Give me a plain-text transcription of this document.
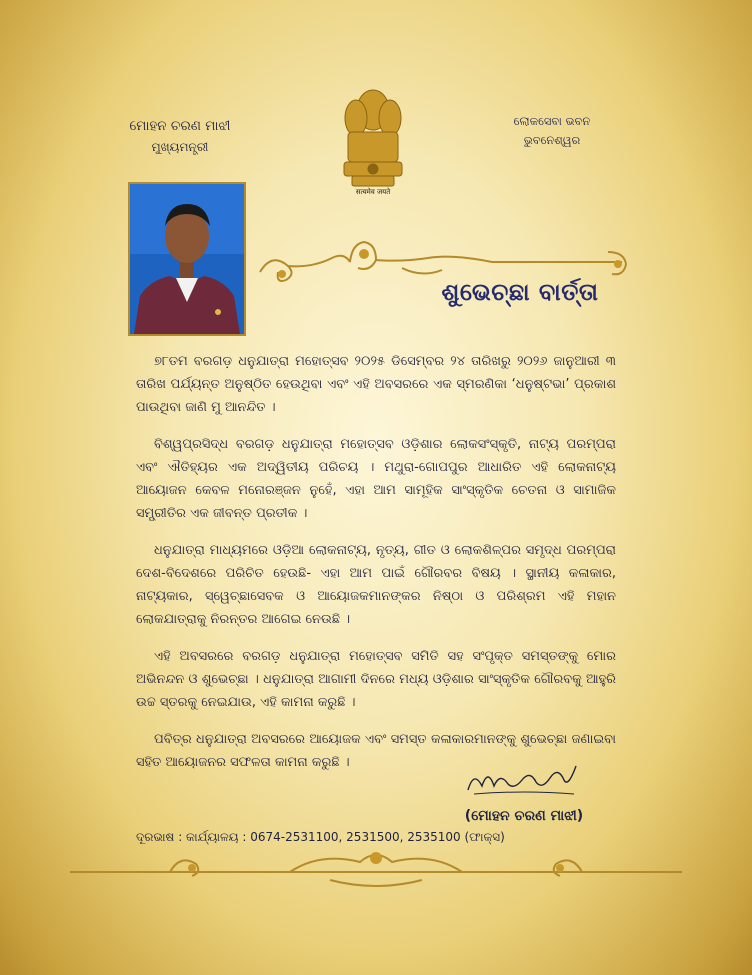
सत्यमेव जयते
ମୋହନ ଚରଣ ମାଝୀ
ମୁଖ୍ୟମନ୍ତ୍ରୀ
ଲୋକସେବା ଭବନ
ଭୁବନେଶ୍ୱର
ଶୁଭେଚ୍ଛା ବାର୍ତ୍ତା

୭୮ତମ ବରଗଡ଼ ଧନୁଯାତ୍ରା ମହୋତ୍ସବ ୨୦୨୫ ଡିସେମ୍ବର ୨୪ ତାରିଖରୁ ୨୦୨୬ ଜାନୁଆରୀ ୩ ତାରିଖ ପର୍ଯ୍ୟନ୍ତ ଅନୁଷ୍ଠିତ ହେଉଥିବା ଏବଂ ଏହି ଅବସରରେ ଏକ ସ୍ମରଣିକା ‘ଧନୁଷ୍ଟଭା’ ପ୍ରକାଶ ପାଉଥିବା ଜାଣି ମୁ ଆନନ୍ଦିତ ।

ବିଶ୍ୱପ୍ରସିଦ୍ଧ ବରଗଡ଼ ଧନୁଯାତ୍ରା ମହୋତ୍ସବ ଓଡ଼ିଶାର ଲୋକସଂସ୍କୃତି, ନାଟ୍ୟ ପରମ୍ପରା ଏବଂ ଐତିହ୍ୟର ଏକ ଅଦ୍ୱିତୀୟ ପରିଚୟ । ମଥୁରା-ଗୋପପୁର ଆଧାରିତ ଏହି ଲୋକନାଟ୍ୟ ଆୟୋଜନ କେବଳ ମନୋରଞ୍ଜନ ନୁହେଁ, ଏହା ଆମ ସାମୂହିକ ସାଂସ୍କୃତିକ ଚେତନା ଓ ସାମାଜିକ ସମ୍ପ୍ରୀତିର ଏକ ଜୀବନ୍ତ ପ୍ରତୀକ ।

ଧନୁଯାତ୍ରା ମାଧ୍ୟମରେ ଓଡ଼ିଆ ଲୋକନାଟ୍ୟ, ନୃତ୍ୟ, ଗୀତ ଓ ଲୋକଶିଳ୍ପର ସମୃଦ୍ଧ ପରମ୍ପରା ଦେଶ-ବିଦେଶରେ ପରିଚିତ ହେଉଛି- ଏହା ଆମ ପାଇଁ ଗୌରବର ବିଷୟ । ସ୍ଥାନୀୟ କଳାକାର, ନାଟ୍ୟକାର, ସ୍ୱେଚ୍ଛାସେବକ ଓ ଆୟୋଜକମାନଙ୍କର ନିଷ୍ଠା ଓ ପରିଶ୍ରମ ଏହି ମହାନ ଲୋକଯାତ୍ରାକୁ ନିରନ୍ତର ଆଗେଇ ନେଉଛି ।

ଏହି ଅବସରରେ ବରଗଡ଼ ଧନୁଯାତ୍ରା ମହୋତ୍ସବ ସମିତି ସହ ସଂପୃକ୍ତ ସମସ୍ତଙ୍କୁ ମୋର ଅଭିନନ୍ଦନ ଓ ଶୁଭେଚ୍ଛା । ଧନୁଯାତ୍ରା ଆଗାମୀ ଦିନରେ ମଧ୍ୟ ଓଡ଼ିଶାର ସାଂସ୍କୃତିକ ଗୌରବକୁ ଆହୁରି ଉଚ୍ଚ ସ୍ତରକୁ ନେଇଯାଉ, ଏହି କାମନା କରୁଛି ।

ପବିତ୍ର ଧନୁଯାତ୍ରା ଅବସରରେ ଆୟୋଜକ ଏବଂ ସମସ୍ତ କଳାକାରମାନଙ୍କୁ ଶୁଭେଚ୍ଛା ଜଣାଇବା ସହିତ ଆୟୋଜନର ସଫଳତା କାମନା କରୁଛି ।

(ମୋହନ ଚରଣ ମାଝୀ)
ଦୂରଭାଷ : କାର୍ଯ୍ୟାଳୟ : 0674-2531100, 2531500, 2535100 (ଫାକ୍ସ)
